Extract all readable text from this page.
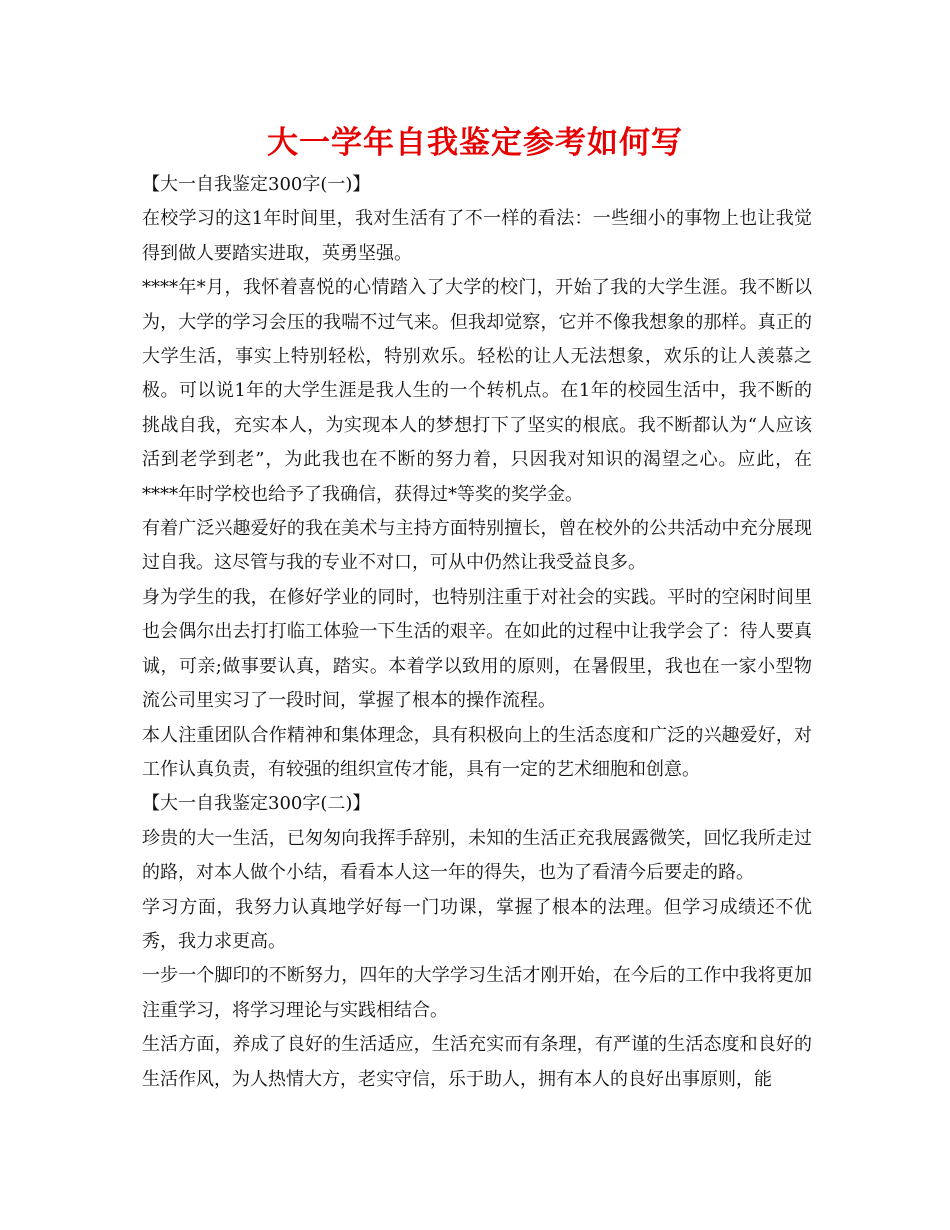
大一学年自我鉴定参考如何写

【大一自我鉴定300字(一)】

在校学习的这1年时间里，我对生活有了不一样的看法：一些细小的事物上也让我觉得到做人要踏实进取，英勇坚强。

****年*月，我怀着喜悦的心情踏入了大学的校门，开始了我的大学生涯。我不断以为，大学的学习会压的我喘不过气来。但我却觉察，它并不像我想象的那样。真正的大学生活，事实上特别轻松，特别欢乐。轻松的让人无法想象，欢乐的让人羡慕之极。可以说1年的大学生涯是我人生的一个转机点。在1年的校园生活中，我不断的挑战自我，充实本人，为实现本人的梦想打下了坚实的根底。我不断都认为“人应该活到老学到老”，为此我也在不断的努力着，只因我对知识的渴望之心。应此，在****年时学校也给予了我确信，获得过*等奖的奖学金。

有着广泛兴趣爱好的我在美术与主持方面特别擅长，曾在校外的公共活动中充分展现过自我。这尽管与我的专业不对口，可从中仍然让我受益良多。

身为学生的我，在修好学业的同时，也特别注重于对社会的实践。平时的空闲时间里也会偶尔出去打打临工体验一下生活的艰辛。在如此的过程中让我学会了：待人要真诚，可亲;做事要认真，踏实。本着学以致用的原则，在暑假里，我也在一家小型物流公司里实习了一段时间，掌握了根本的操作流程。

本人注重团队合作精神和集体理念，具有积极向上的生活态度和广泛的兴趣爱好，对工作认真负责，有较强的组织宣传才能，具有一定的艺术细胞和创意。

【大一自我鉴定300字(二)】

珍贵的大一生活，已匆匆向我挥手辞别，未知的生活正充我展露微笑，回忆我所走过的路，对本人做个小结，看看本人这一年的得失，也为了看清今后要走的路。

学习方面，我努力认真地学好每一门功课，掌握了根本的法理。但学习成绩还不优秀，我力求更高。

一步一个脚印的不断努力，四年的大学学习生活才刚开始，在今后的工作中我将更加注重学习，将学习理论与实践相结合。

生活方面，养成了良好的生活适应，生活充实而有条理，有严谨的生活态度和良好的生活作风，为人热情大方，老实守信，乐于助人，拥有本人的良好出事原则，能
